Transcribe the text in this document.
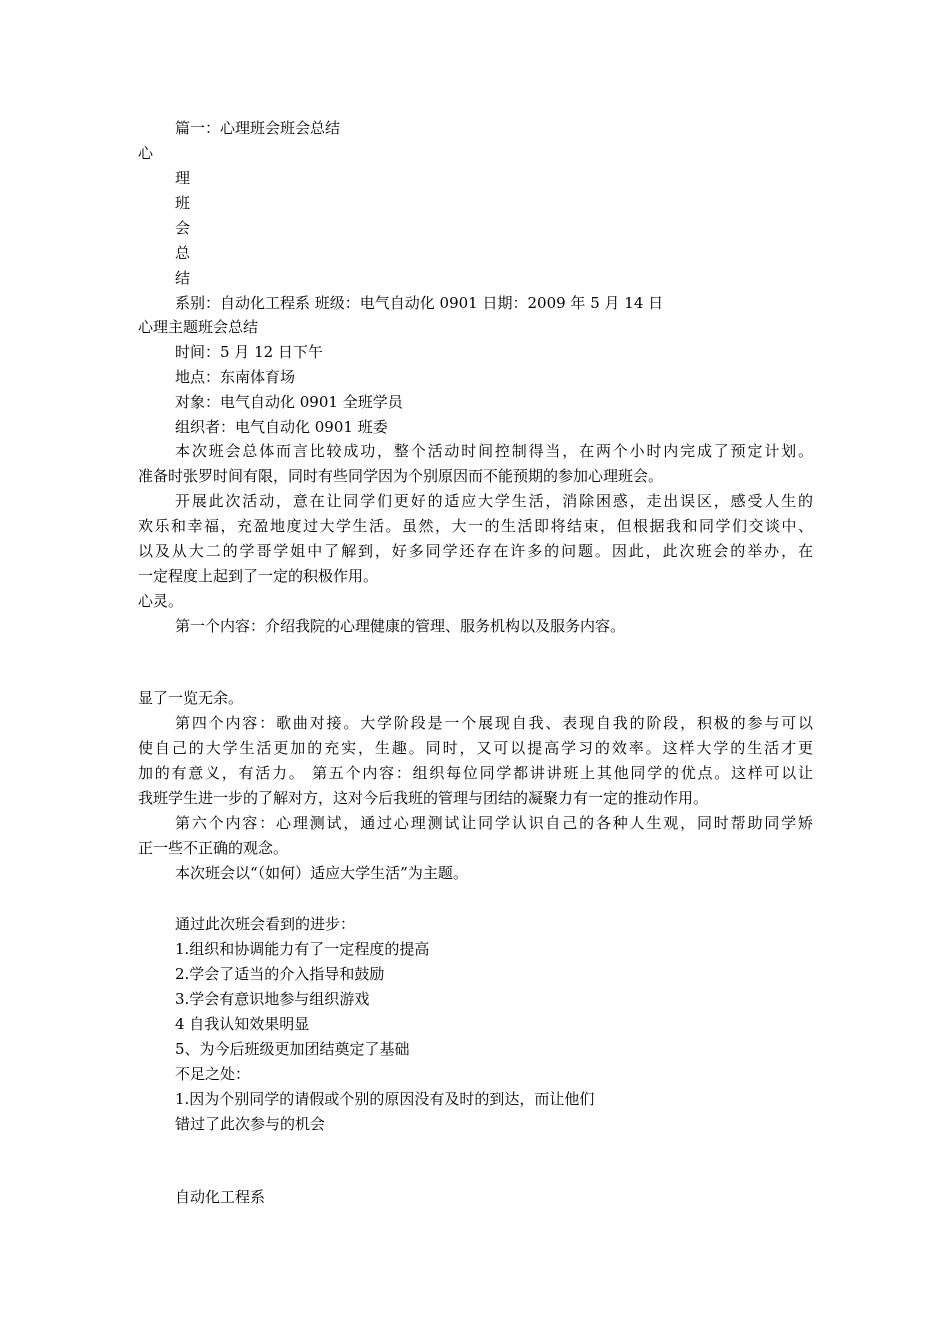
篇一：心理班会班会总结

心

理

班

会

总

结

系别：自动化工程系 班级：电气自动化 0901 日期：2009 年 5 月 14 日

心理主题班会总结

时间：5 月 12 日下午

地点：东南体育场

对象：电气自动化 0901 全班学员

组织者：电气自动化 0901 班委

本次班会总体而言比较成功，整个活动时间控制得当，在两个小时内完成了预定计划。
准备时张罗时间有限，同时有些同学因为个别原因而不能预期的参加心理班会。
开展此次活动，意在让同学们更好的适应大学生活，消除困惑，走出误区，感受人生的
欢乐和幸福，充盈地度过大学生活。虽然，大一的生活即将结束，但根据我和同学们交谈中、
以及从大二的学哥学姐中了解到，好多同学还存在许多的问题。因此，此次班会的举办，在
一定程度上起到了一定的积极作用。

心灵。

第一个内容：介绍我院的心理健康的管理、服务机构以及服务内容。

显了一览无余。

第四个内容：歌曲对接。大学阶段是一个展现自我、表现自我的阶段，积极的参与可以
使自己的大学生活更加的充实，生趣。同时，又可以提高学习的效率。这样大学的生活才更
加的有意义，有活力。 第五个内容：组织每位同学都讲讲班上其他同学的优点。这样可以让
我班学生进一步的了解对方，这对今后我班的管理与团结的凝聚力有一定的推动作用。
第六个内容：心理测试，通过心理测试让同学认识自己的各种人生观，同时帮助同学矫
正一些不正确的观念。

本次班会以“（如何）适应大学生活”为主题。

通过此次班会看到的进步：

1.组织和协调能力有了一定程度的提高

2.学会了适当的介入指导和鼓励

3.学会有意识地参与组织游戏

4 自我认知效果明显

5、为今后班级更加团结奠定了基础

不足之处：

1.因为个别同学的请假或个别的原因没有及时的到达，而让他们

错过了此次参与的机会

自动化工程系
